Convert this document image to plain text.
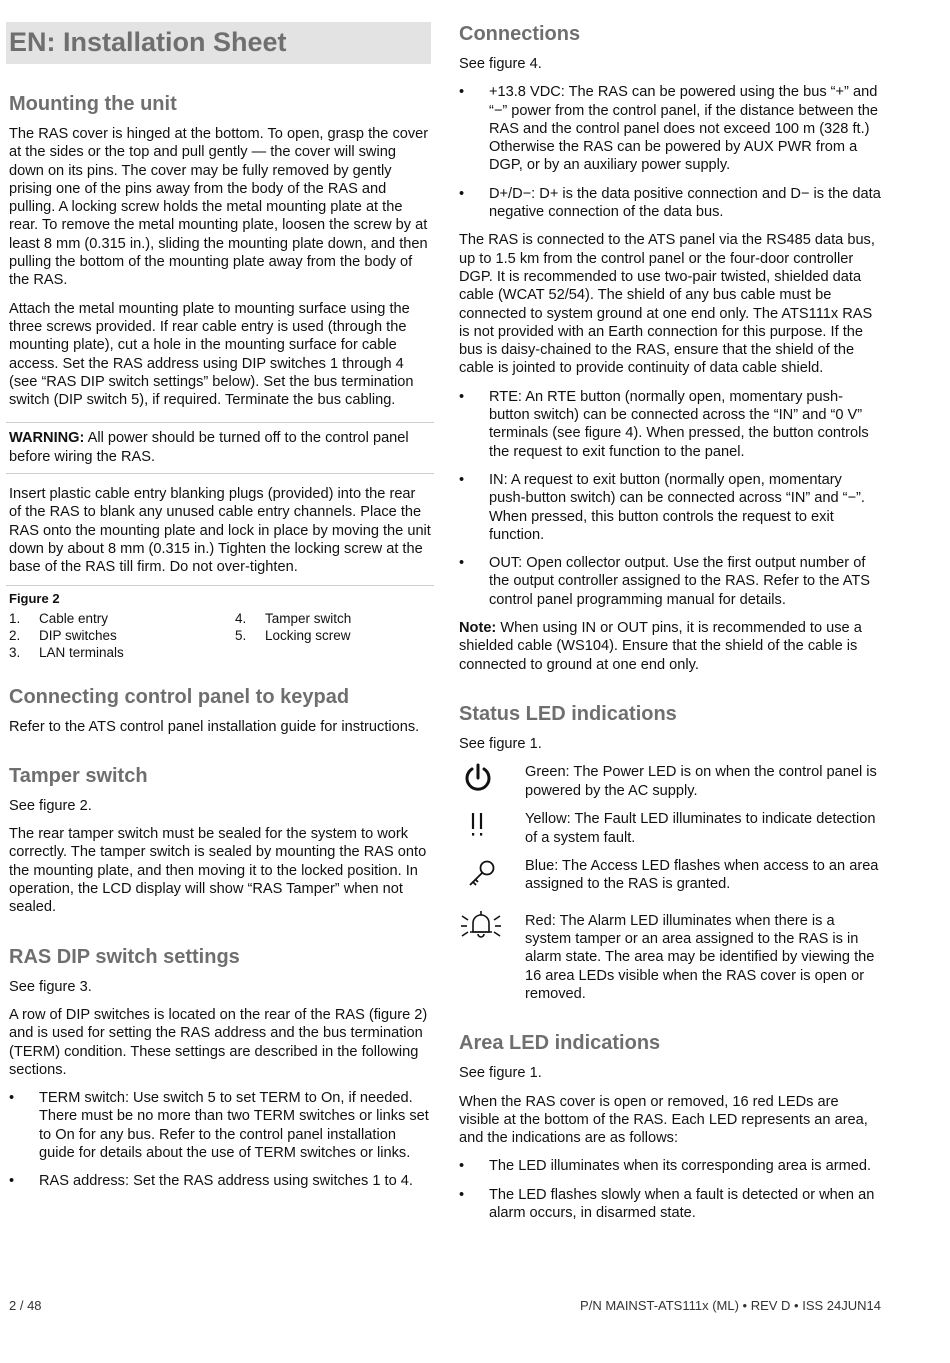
EN: Installation Sheet
Mounting the unit

The RAS cover is hinged at the bottom. To open, grasp the cover at the sides or the top and pull gently — the cover will swing down on its pins. The cover may be fully removed by gently prising one of the pins away from the body of the RAS and pulling. A locking screw holds the metal mounting plate at the rear. To remove the metal mounting plate, loosen the screw by at least 8 mm (0.315 in.), sliding the mounting plate down, and then pulling the bottom of the mounting plate away from the body of the RAS.

Attach the metal mounting plate to mounting surface using the three screws provided. If rear cable entry is used (through the mounting plate), cut a hole in the mounting surface for cable access. Set the RAS address using DIP switches 1 through 4 (see “RAS DIP switch settings” below). Set the bus termination switch (DIP switch 5), if required. Terminate the bus cabling.

WARNING: All power should be turned off to the control panel before wiring the RAS.

Insert plastic cable entry blanking plugs (provided) into the rear of the RAS to blank any unused cable entry channels. Place the RAS onto the mounting plate and lock in place by moving the unit down by about 8 mm (0.315 in.) Tighten the locking screw at the base of the RAS till firm. Do not over-tighten.

Figure 2
1. Cable entry
2. DIP switches
3. LAN terminals
4. Tamper switch
5. Locking screw
Connecting control panel to keypad

Refer to the ATS control panel installation guide for instructions.

Tamper switch

See figure 2.

The rear tamper switch must be sealed for the system to work correctly. The tamper switch is sealed by mounting the RAS onto the mounting plate, and then moving it to the locked position. In operation, the LCD display will show “RAS Tamper” when not sealed.

RAS DIP switch settings

See figure 3.

A row of DIP switches is located on the rear of the RAS (figure 2) and is used for setting the RAS address and the bus termination (TERM) condition. These settings are described in the following sections.

• TERM switch: Use switch 5 to set TERM to On, if needed. There must be no more than two TERM switches or links set to On for any bus. Refer to the control panel installation guide for details about the use of TERM switches or links.
• RAS address: Set the RAS address using switches 1 to 4.
Connections

See figure 4.

• +13.8 VDC: The RAS can be powered using the bus “+” and “−” power from the control panel, if the distance between the RAS and the control panel does not exceed 100 m (328 ft.) Otherwise the RAS can be powered by AUX PWR from a DGP, or by an auxiliary power supply.
• D+/D−: D+ is the data positive connection and D− is the data negative connection of the data bus.

The RAS is connected to the ATS panel via the RS485 data bus, up to 1.5 km from the control panel or the four-door controller DGP. It is recommended to use two-pair twisted, shielded data cable (WCAT 52/54). The shield of any bus cable must be connected to system ground at one end only. The ATS111x RAS is not provided with an Earth connection for this purpose. If the bus is daisy-chained to the RAS, ensure that the shield of the cable is jointed to provide continuity of data cable shield.

• RTE: An RTE button (normally open, momentary push-button switch) can be connected across the “IN” and “0 V” terminals (see figure 4). When pressed, the button controls the request to exit function to the panel.
• IN: A request to exit button (normally open, momentary push-button switch) can be connected across “IN” and “−”. When pressed, this button controls the request to exit function.
• OUT: Open collector output. Use the first output number of the output controller assigned to the RAS. Refer to the ATS control panel programming manual for details.

Note: When using IN or OUT pins, it is recommended to use a shielded cable (WS104). Ensure that the shield of the cable is connected to ground at one end only.

Status LED indications

See figure 1.

Green: The Power LED is on when the control panel is powered by the AC supply.
Yellow: The Fault LED illuminates to indicate detection of a system fault.
Blue: The Access LED flashes when access to an area assigned to the RAS is granted.
Red: The Alarm LED illuminates when there is a system tamper or an area assigned to the RAS is in alarm state. The area may be identified by viewing the 16 area LEDs visible when the RAS cover is open or removed.
Area LED indications

See figure 1.

When the RAS cover is open or removed, 16 red LEDs are visible at the bottom of the RAS. Each LED represents an area, and the indications are as follows:

• The LED illuminates when its corresponding area is armed.
• The LED flashes slowly when a fault is detected or when an alarm occurs, in disarmed state.
2 / 48	P/N MAINST-ATS111x (ML) • REV D • ISS 24JUN14
